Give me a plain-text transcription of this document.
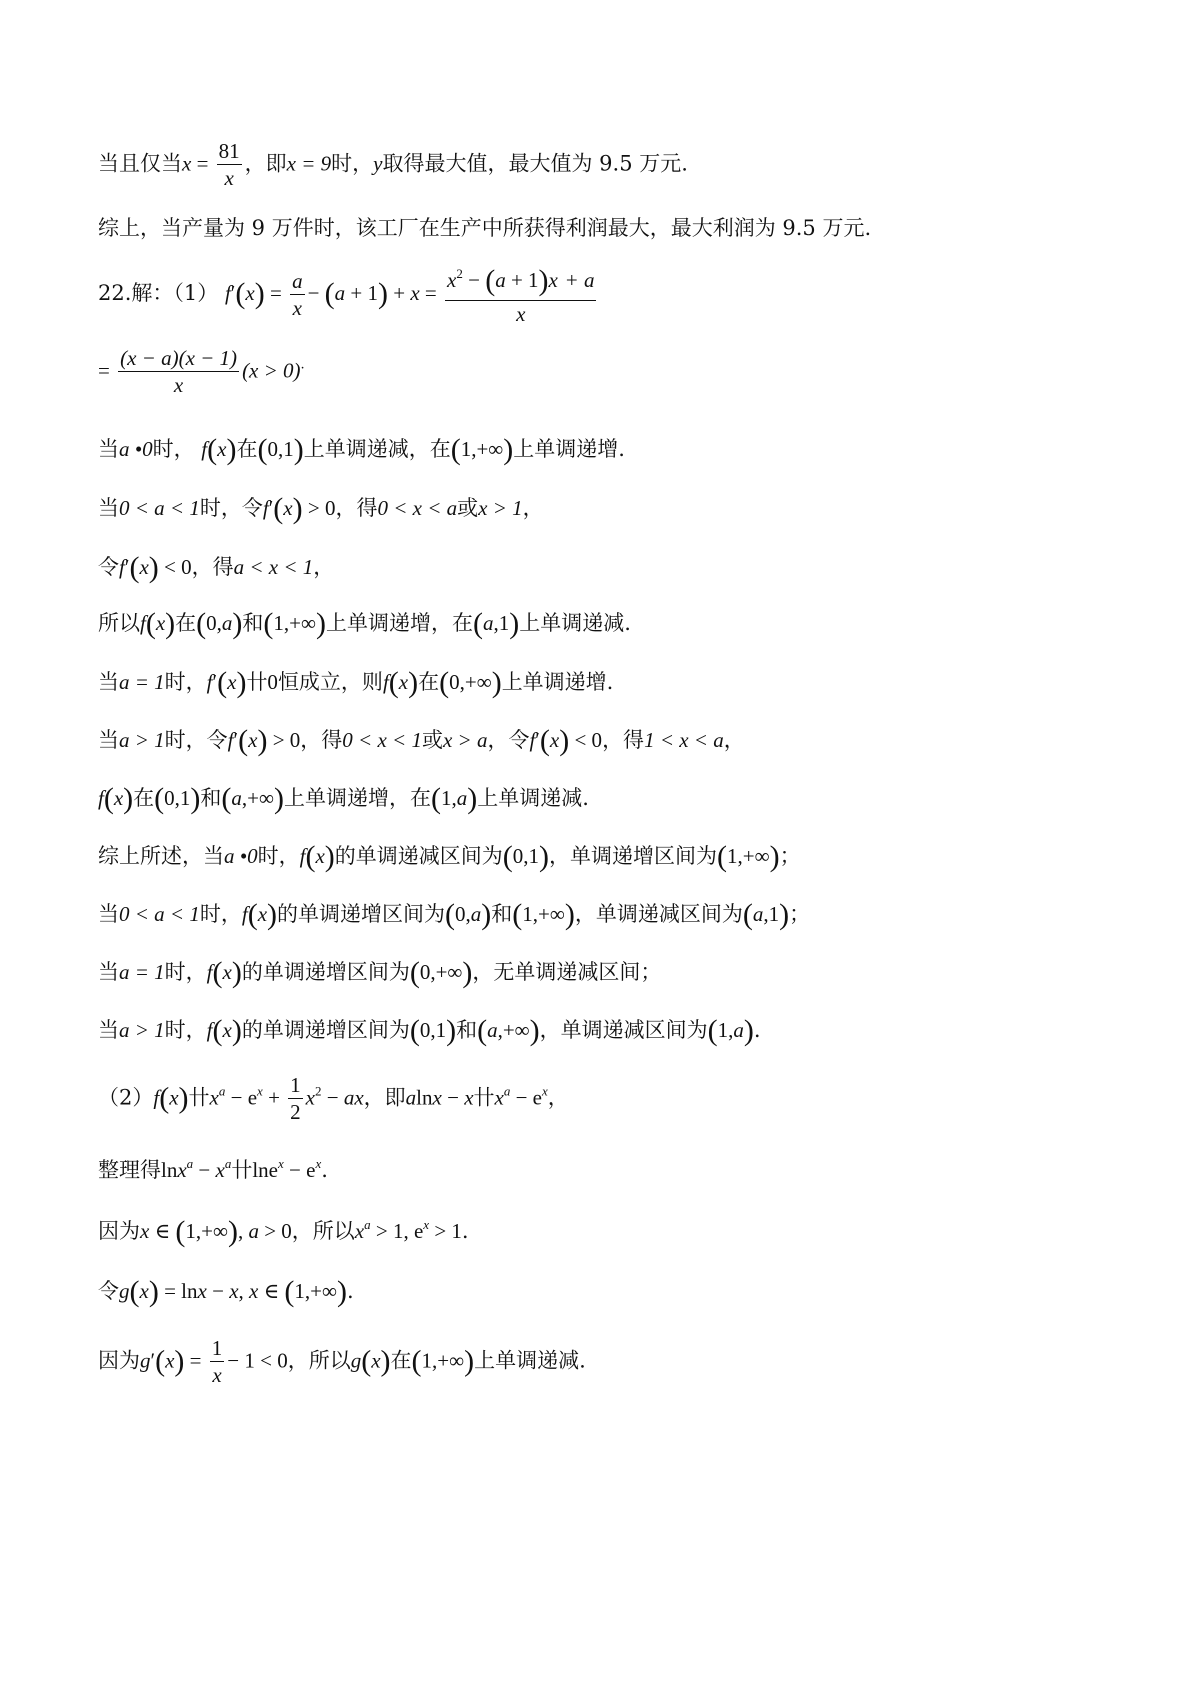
当且仅当$x = \frac{81}{x}$ ，即x = 9时，y取得最大值，最大值为 9.5 万元.
综上，当产量为 9 万件时，该工厂在生产中所获得利润最大，最大利润为 9.5 万元.
22.解：（1） $f'(x) = \frac{a}{x} - (a + 1) + x = \frac{x^2 - (a + 1)x + a}{x}$
= $\frac{(x - a)(x - 1)}{x} (x > 0)^.$
当a •0时， f(x)在(0,1)上单调递减，在(1,+∞)上单调递增.
当0 < a < 1时，令f′(x) > 0，得0 < x < a或x > 1，
令f′(x) < 0，得a < x < 1，
所以f(x)在(0,a)和(1,+∞)上单调递增，在(a,1)上单调递减.
当a = 1时，f′(x)卄0恒成立，则f(x)在(0,+∞)上单调递增.
当a > 1时，令f′(x) > 0，得0 < x < 1或x > a，令f′(x) < 0，得1 < x < a，
f(x)在(0,1)和(a,+∞)上单调递增，在(1,a)上单调递减.
综上所述，当a •0时，f(x)的单调递减区间为(0,1)，单调递增区间为(1,+∞)；
当0 < a < 1时，f(x)的单调递增区间为(0,a)和(1,+∞)，单调递减区间为(a,1)；
当a = 1时，f(x)的单调递增区间为(0,+∞)，无单调递减区间；
当a > 1时，f(x)的单调递增区间为(0,1)和(a,+∞)，单调递减区间为(1,a).
（2）f(x)卄$x^a - e^x + \frac{1}{2} x^2$ − ax，即alnx − x卄$x^a - e^x$，
整理得$\ln x^a - x^a$卄$\ln e^x - e^x$.
因为x ∈ (1,+∞), a > 0，所以$x^a > 1$, $e^x > 1$.
令g(x) = lnx − x, x ∈ (1,+∞).
因为$g'(x) = \frac{1}{x} - 1 < 0$，所以g(x)在(1,+∞)上单调递减.
